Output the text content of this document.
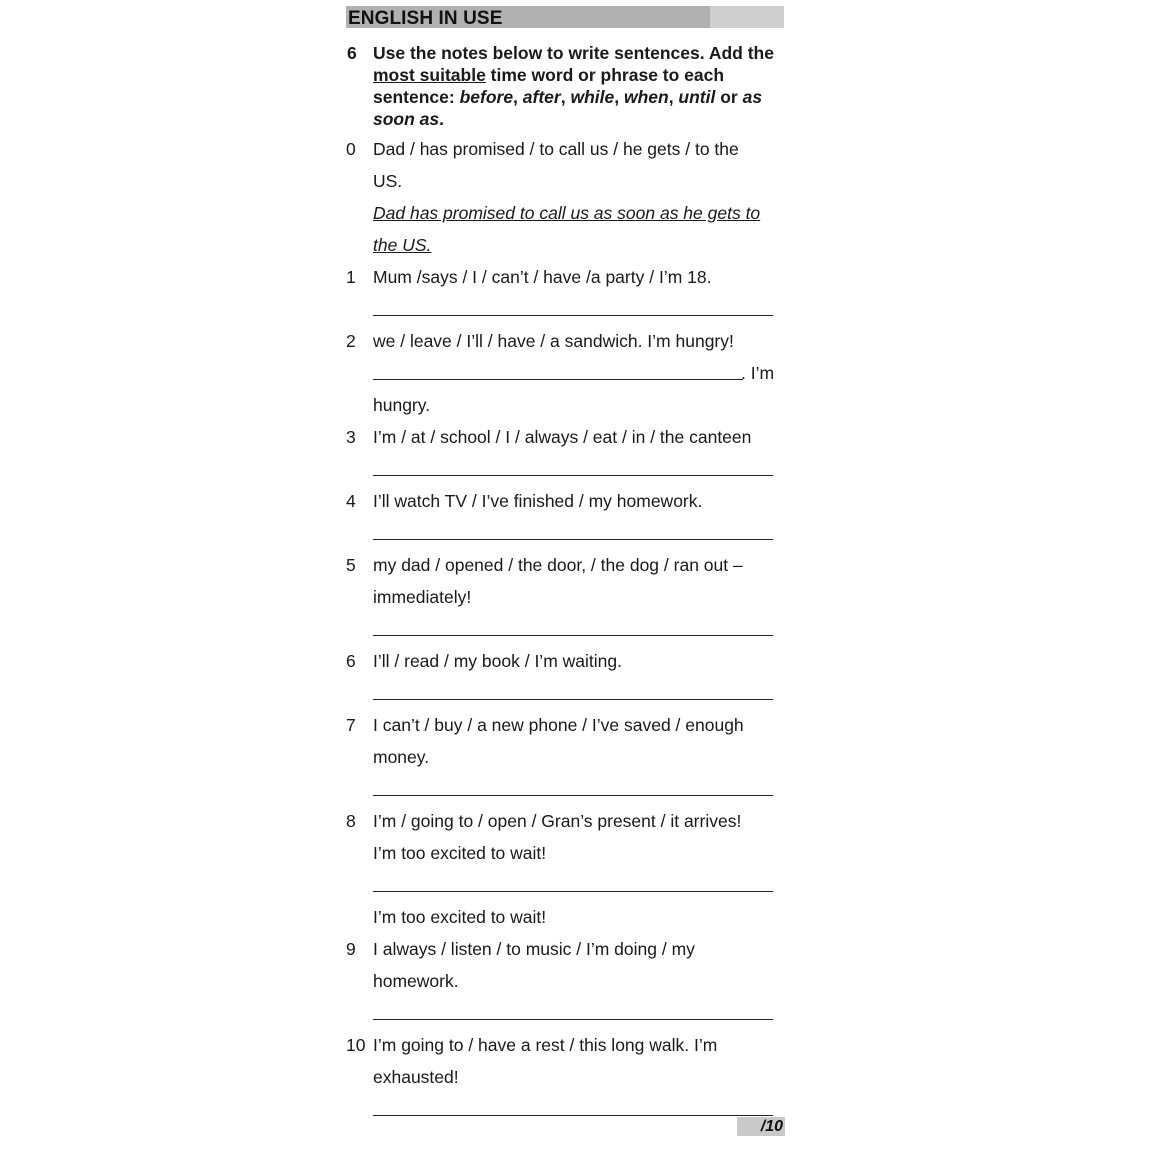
ENGLISH IN USE
6 Use the notes below to write sentences. Add the most suitable time word or phrase to each sentence: before, after, while, when, until or as soon as.
0 Dad / has promised / to call us / he gets / to the
US.
Dad has promised to call us as soon as he gets to
the US.
1 Mum /says / I / can’t / have /a party / I’m 18.
2 we / leave / I’ll / have / a sandwich. I’m hungry!
. I’m
hungry.
3 I’m / at / school / I / always / eat / in / the canteen
4 I’ll watch TV / I’ve finished / my homework.
5 my dad / opened / the door, / the dog / ran out –
immediately!
6 I’ll / read / my book / I’m waiting.
7 I can’t / buy / a new phone / I’ve saved / enough
money.
8 I’m / going to / open / Gran’s present / it arrives!
I’m too excited to wait!
I’m too excited to wait!
9 I always / listen / to music / I’m doing / my
homework.
10 I’m going to / have a rest / this long walk. I’m
exhausted!
/10
